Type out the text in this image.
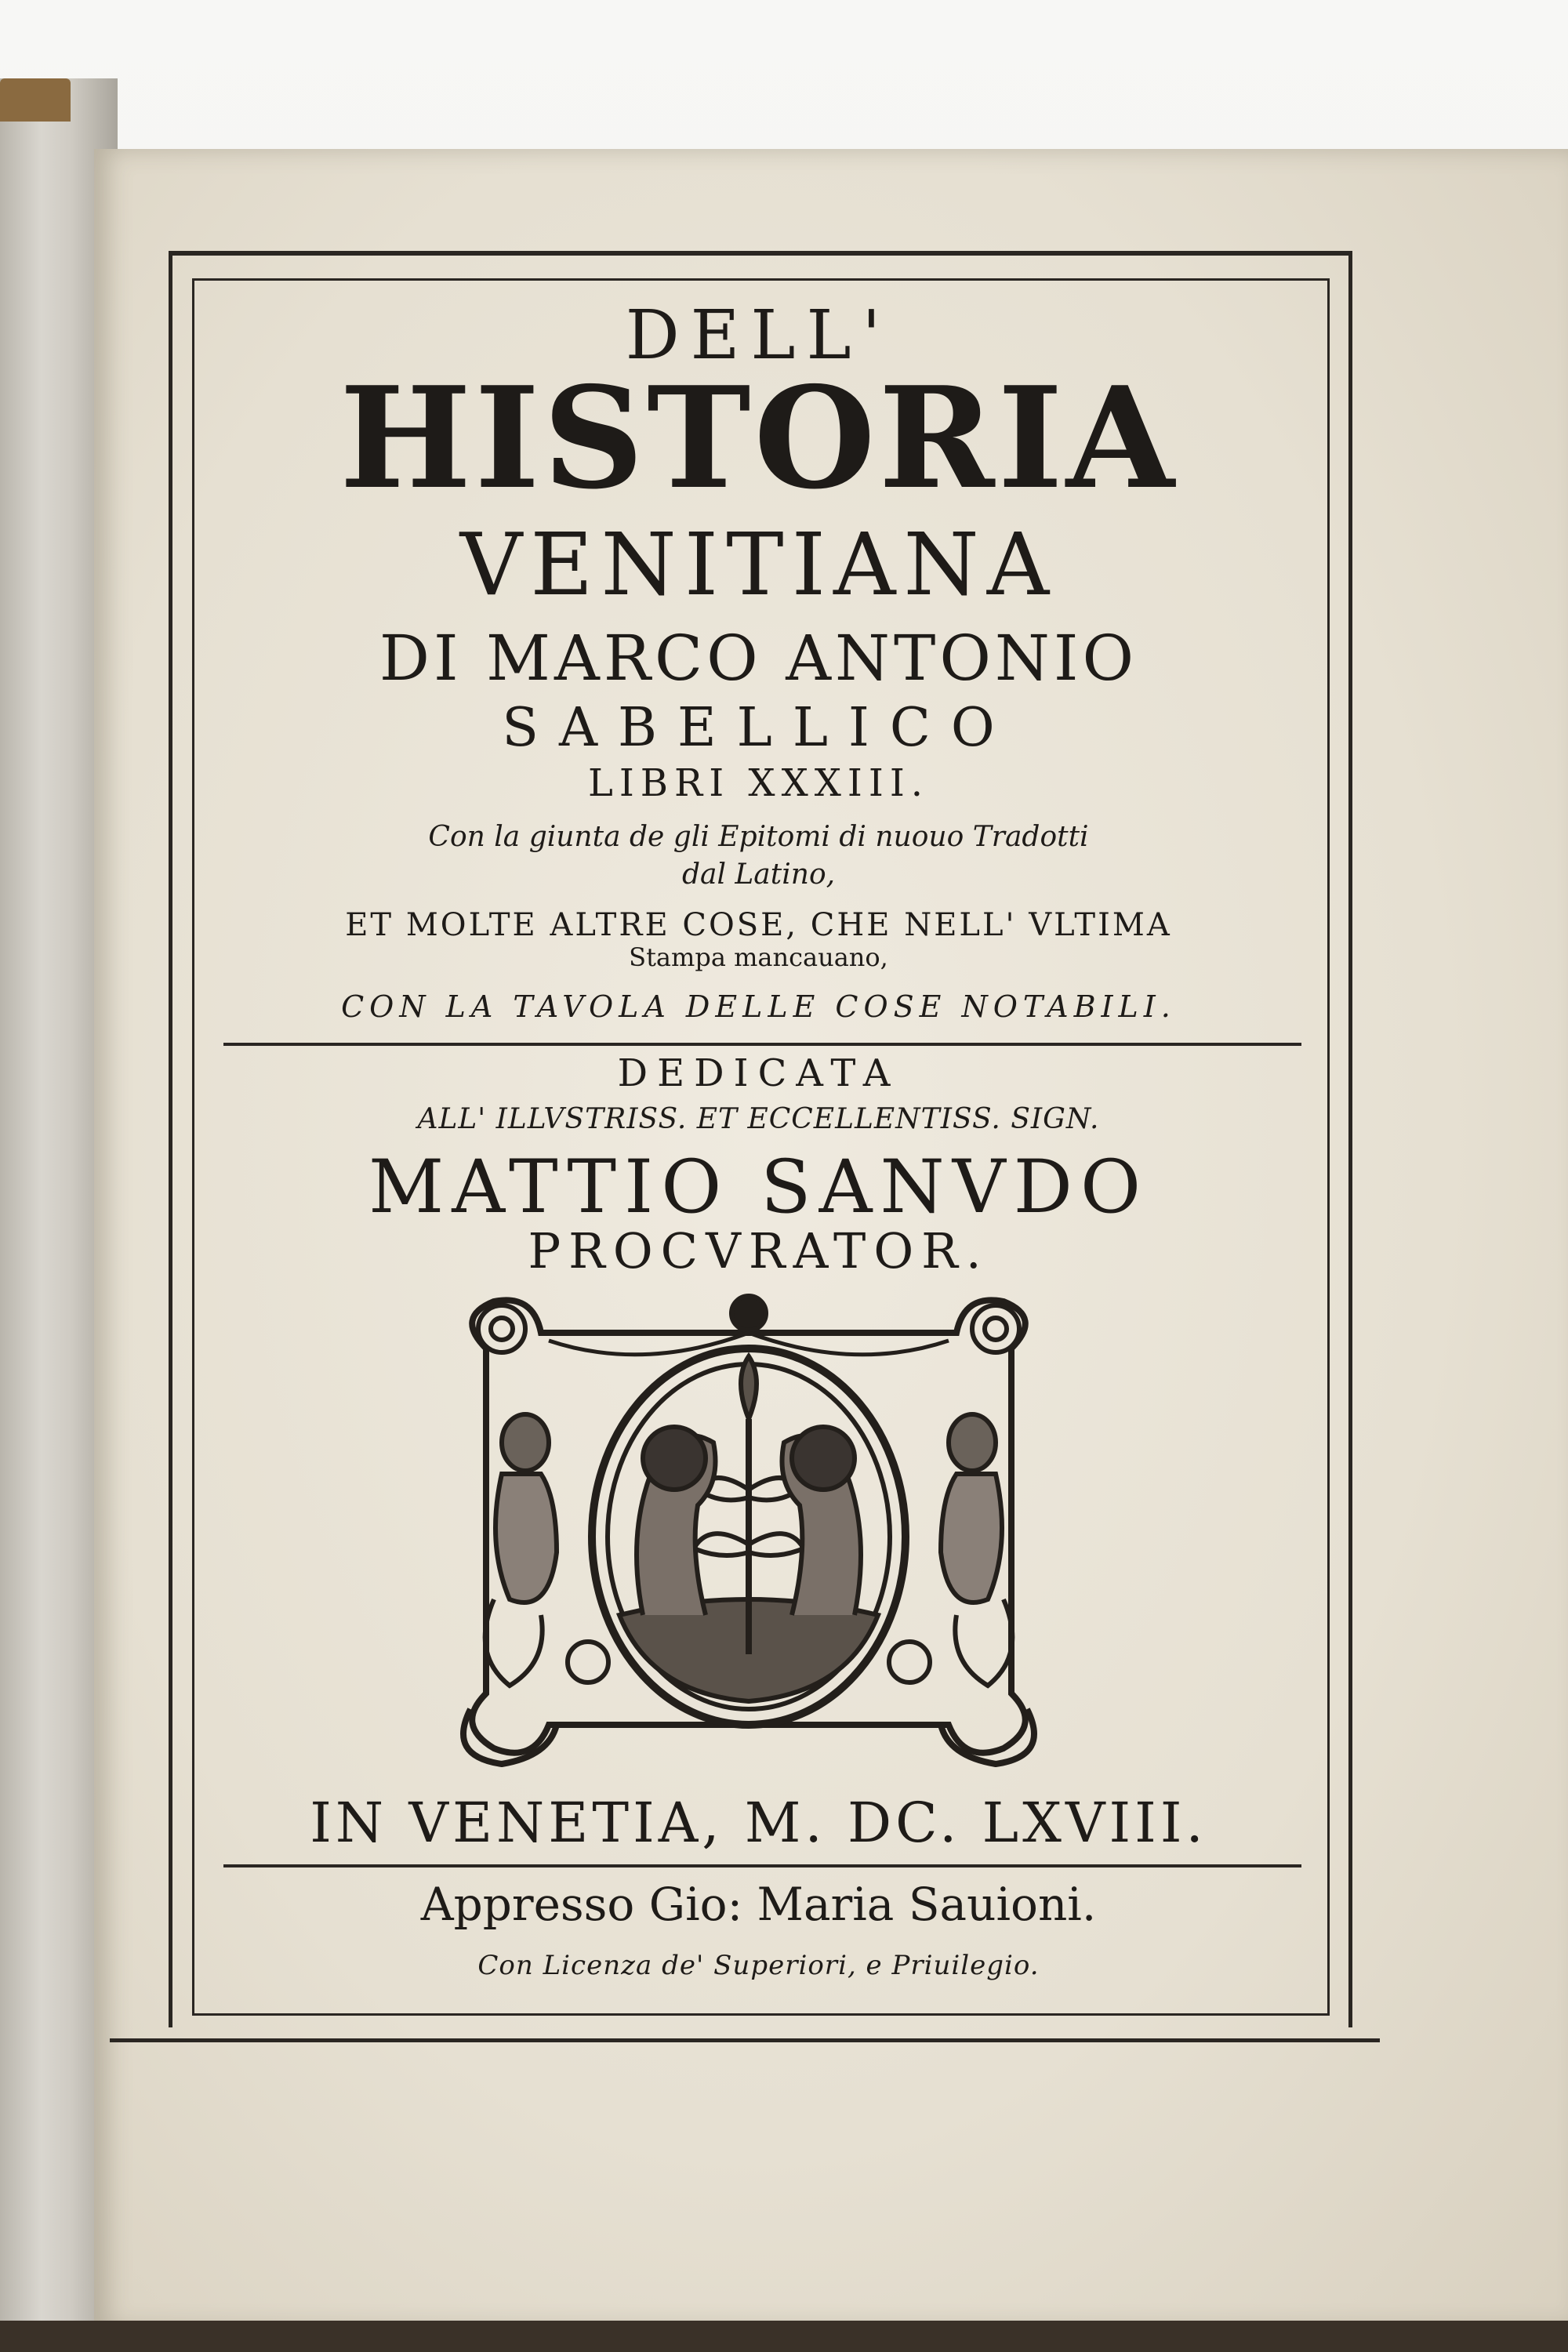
DELL'

HISTORIA

VENITIANA

DI MARCO ANTONIO

SABELLICO

LIBRI XXXIII.

Con la giunta de gli Epitomi di nuouo Tradotti

dal Latino,

ET MOLTE ALTRE COSE, CHE NELL' VLTIMA

Stampa mancauano,

CON LA TAVOLA DELLE COSE NOTABILI.

DEDICATA

ALL' ILLVSTRISS. ET ECCELLENTISS. SIGN.

MATTIO SANVDO

PROCVRATOR.

IN VENETIA, M. DC. LXVIII.

Appresso Gio: Maria Sauioni.

Con Licenza de' Superiori, e Priuilegio.
